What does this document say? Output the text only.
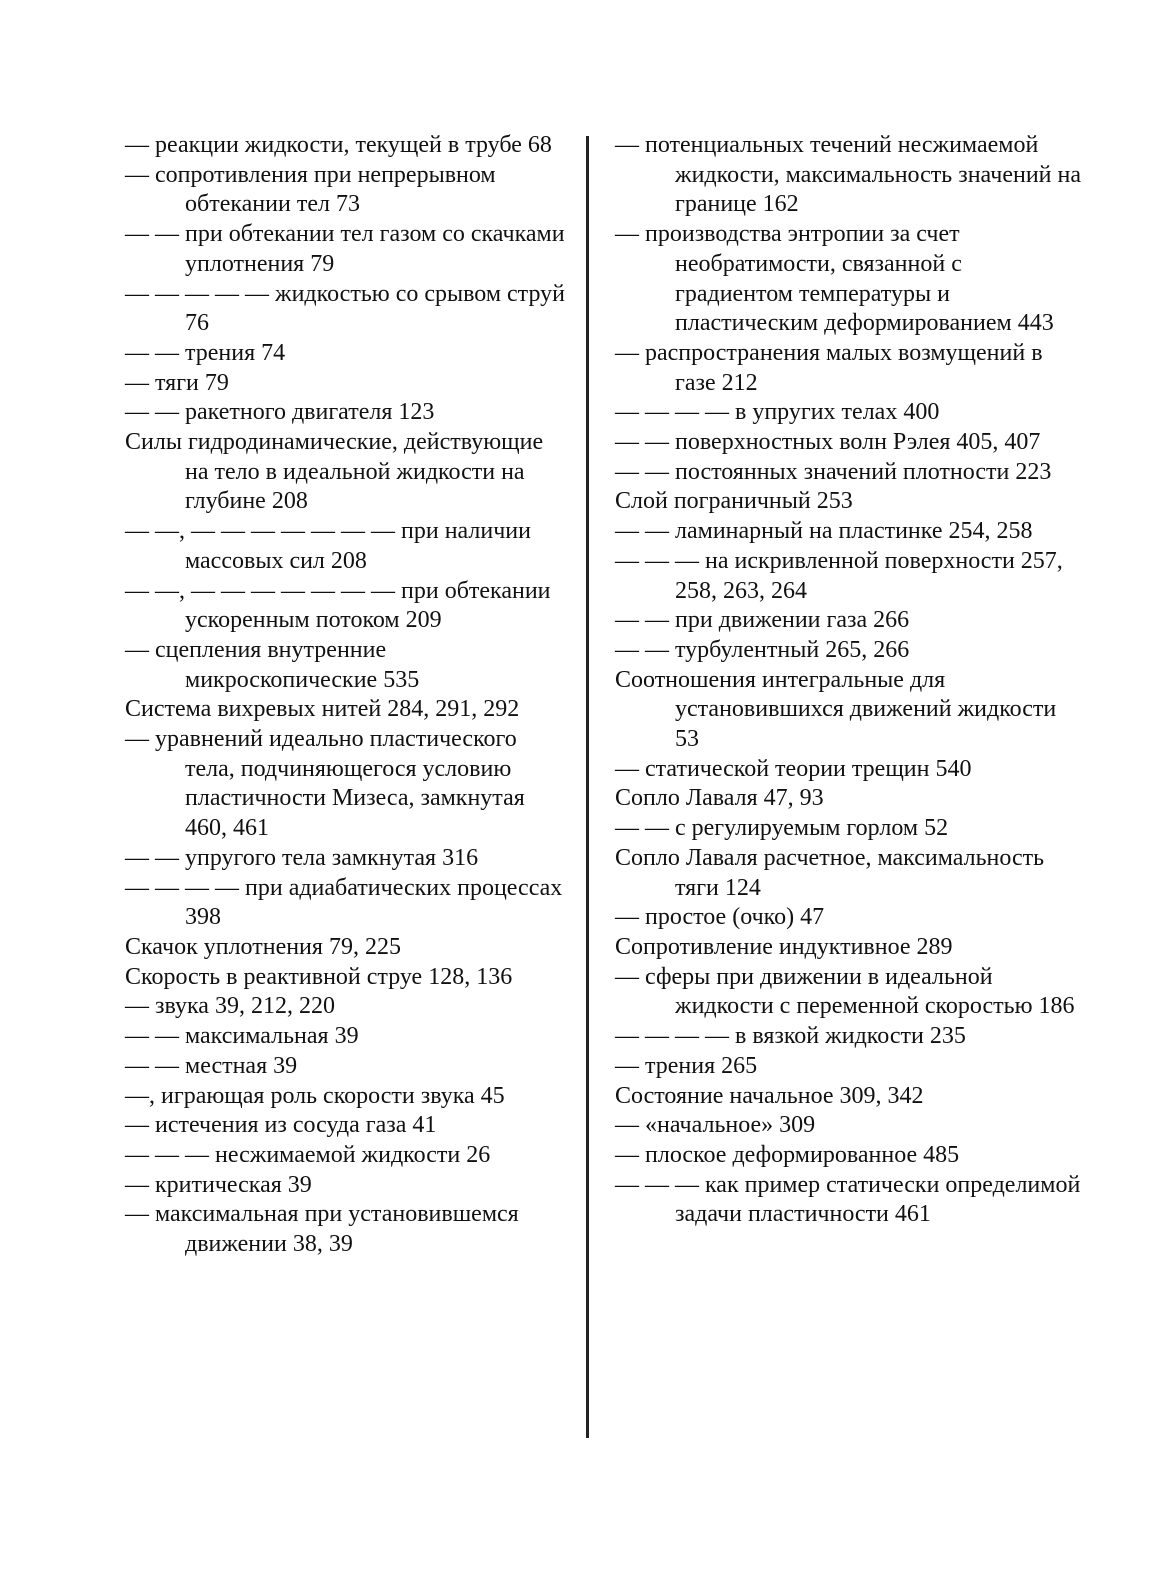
— реакции жидкости, текущей в трубе 68

— сопротивления при непрерывном обтекании тел 73

— — при обтекании тел газом со скачками уплотнения 79

— — — — — жидкостью со срывом струй 76

— — трения 74

— тяги 79

— — ракетного двигателя 123

Силы гидродинамические, действующие на тело в идеальной жидкости на глубине 208

— —, — — — — — — — при наличии массовых сил 208

— —, — — — — — — — при обтекании ускоренным потоком 209

— сцепления внутренние микроскопические 535

Система вихревых нитей 284, 291, 292

— уравнений идеально пластического тела, подчиняющегося условию пластичности Мизеса, замкнутая 460, 461

— — упругого тела замкнутая 316

— — — — при адиабатических процессах 398

Скачок уплотнения 79, 225

Скорость в реактивной струе 128, 136

— звука 39, 212, 220

— — максимальная 39

— — местная 39

—, играющая роль скорости звука 45

— истечения из сосуда газа 41

— — — несжимаемой жидкости 26

— критическая 39

— максимальная при установившемся движении 38, 39

— потенциальных течений несжимаемой жидкости, максимальность значений на границе 162

— производства энтропии за счет необратимости, связанной с градиентом температуры и пластическим деформированием 443

— распространения малых возмущений в газе 212

— — — — в упругих телах 400

— — поверхностных волн Рэлея 405, 407

— — постоянных значений плотности 223

Слой пограничный 253

— — ламинарный на пластинке 254, 258

— — — на искривленной поверхности 257, 258, 263, 264

— — при движении газа 266

— — турбулентный 265, 266

Соотношения интегральные для установившихся движений жидкости 53

— статической теории трещин 540

Сопло Лаваля 47, 93

— — с регулируемым горлом 52

Сопло Лаваля расчетное, максимальность тяги 124

— простое (очко) 47

Сопротивление индуктивное 289

— сферы при движении в идеальной жидкости с переменной скоростью 186

— — — — в вязкой жидкости 235

— трения 265

Состояние начальное 309, 342

— «начальное» 309

— плоское деформированное 485

— — — как пример статически определимой задачи пластичности 461
